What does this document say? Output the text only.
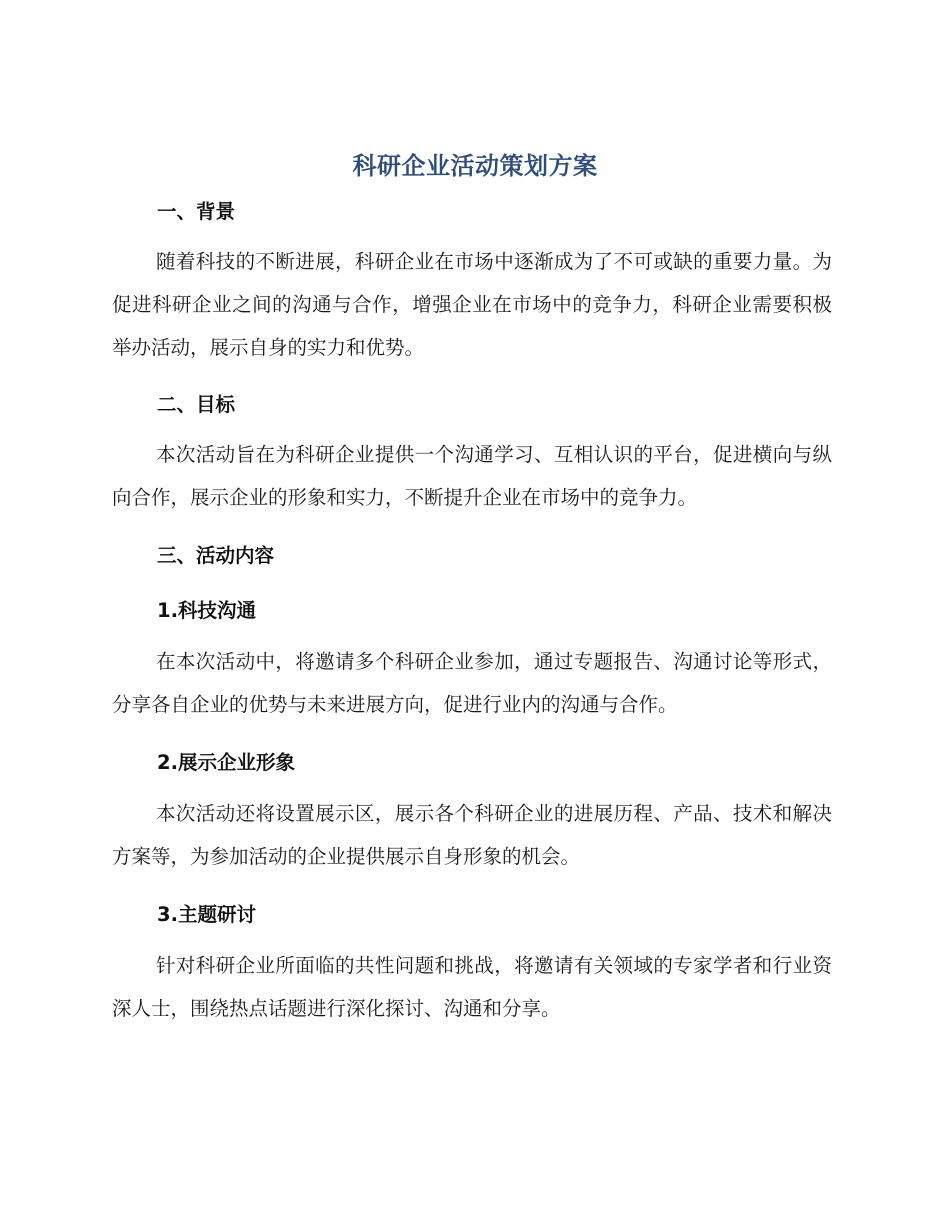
科研企业活动策划方案
一、背景
随着科技的不断进展，科研企业在市场中逐渐成为了不可或缺的重要力量。为促进科研企业之间的沟通与合作，增强企业在市场中的竞争力，科研企业需要积极举办活动，展示自身的实力和优势。
二、目标
本次活动旨在为科研企业提供一个沟通学习、互相认识的平台，促进横向与纵向合作，展示企业的形象和实力，不断提升企业在市场中的竞争力。
三、活动内容
1.科技沟通
在本次活动中，将邀请多个科研企业参加，通过专题报告、沟通讨论等形式，分享各自企业的优势与未来进展方向，促进行业内的沟通与合作。
2.展示企业形象
本次活动还将设置展示区，展示各个科研企业的进展历程、产品、技术和解决方案等，为参加活动的企业提供展示自身形象的机会。
3.主题研讨
针对科研企业所面临的共性问题和挑战，将邀请有关领域的专家学者和行业资深人士，围绕热点话题进行深化探讨、沟通和分享。
